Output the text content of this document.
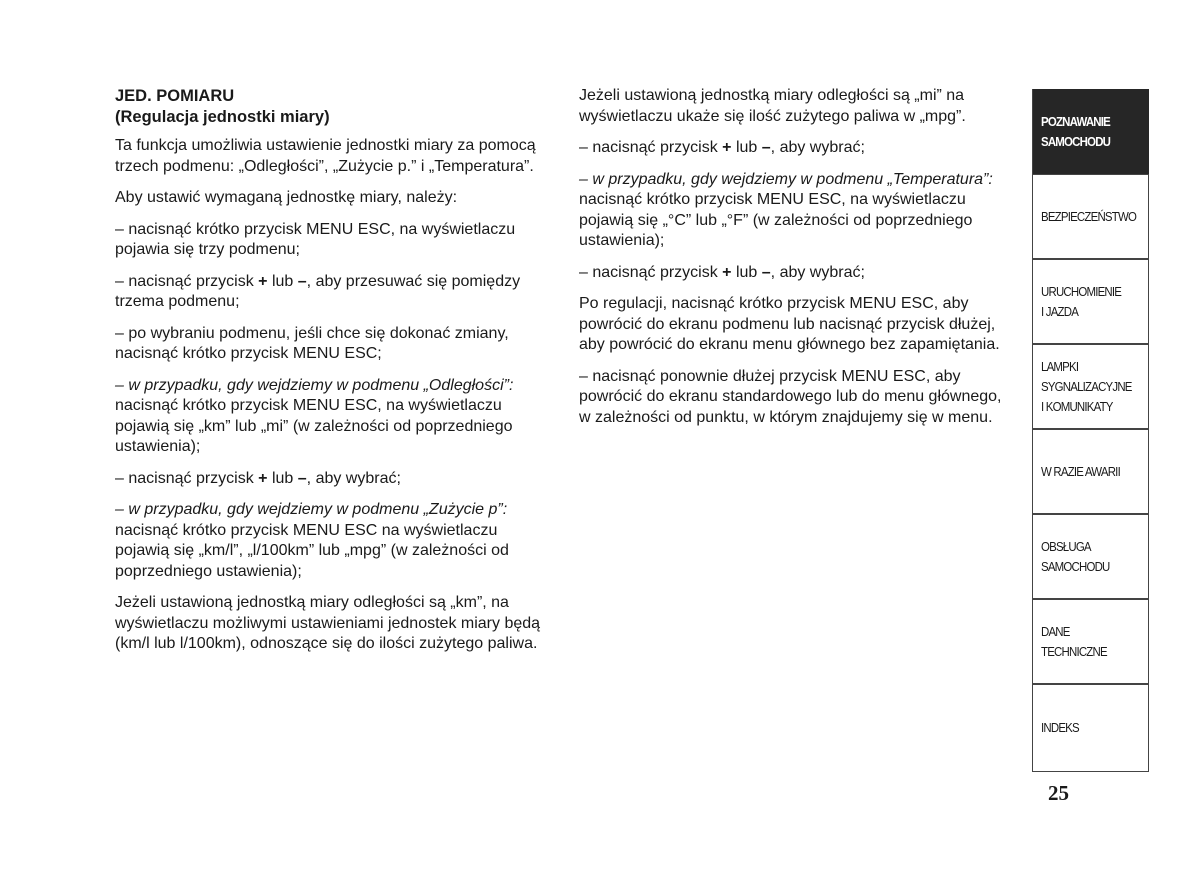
JED. POMIARU
(Regulacja jednostki miary)

Ta funkcja umożliwia ustawienie jednostki miary za pomocą trzech podmenu: „Odległości”, „Zużycie p.” i „Temperatura”.

Aby ustawić wymaganą jednostkę miary, należy:

– nacisnąć krótko przycisk MENU ESC, na wyświetlaczu pojawia się trzy podmenu;

– nacisnąć przycisk + lub –, aby przesuwać się pomiędzy trzema podmenu;

– po wybraniu podmenu, jeśli chce się dokonać zmiany, nacisnąć krótko przycisk MENU ESC;

– w przypadku, gdy wejdziemy w podmenu „Odległości”: nacisnąć krótko przycisk MENU ESC, na wyświetlaczu pojawią się „km” lub „mi” (w zależności od poprzedniego ustawienia);

– nacisnąć przycisk + lub –, aby wybrać;

– w przypadku, gdy wejdziemy w podmenu „Zużycie p”: nacisnąć krótko przycisk MENU ESC na wyświetlaczu pojawią się „km/l”, „l/100km” lub „mpg” (w zależności od poprzedniego ustawienia);

Jeżeli ustawioną jednostką miary odległości są „km”, na wyświetlaczu możliwymi ustawieniami jednostek miary będą (km/l lub l/100km), odnoszące się do ilości zużytego paliwa.

Jeżeli ustawioną jednostką miary odległości są „mi” na wyświetlaczu ukaże się ilość zużytego paliwa w „mpg”.

– nacisnąć przycisk + lub –, aby wybrać;

– w przypadku, gdy wejdziemy w podmenu „Temperatura”: nacisnąć krótko przycisk MENU ESC, na wyświetlaczu pojawią się „°C” lub „°F” (w zależności od poprzedniego ustawienia);

– nacisnąć przycisk + lub –, aby wybrać;

Po regulacji, nacisnąć krótko przycisk MENU ESC, aby powrócić do ekranu podmenu lub nacisnąć przycisk dłużej, aby powrócić do ekranu menu głównego bez zapamiętania.

– nacisnąć ponownie dłużej przycisk MENU ESC, aby powrócić do ekranu standardowego lub do menu głównego, w zależności od punktu, w którym znajdujemy się w menu.

POZNAWANIE
SAMOCHODU
BEZPIECZEŃSTWO
URUCHOMIENIE
I JAZDA
LAMPKI
SYGNALIZACYJNE
I KOMUNIKATY
W RAZIE AWARII
OBSŁUGA
SAMOCHODU
DANE
TECHNICZNE
INDEKS
25
